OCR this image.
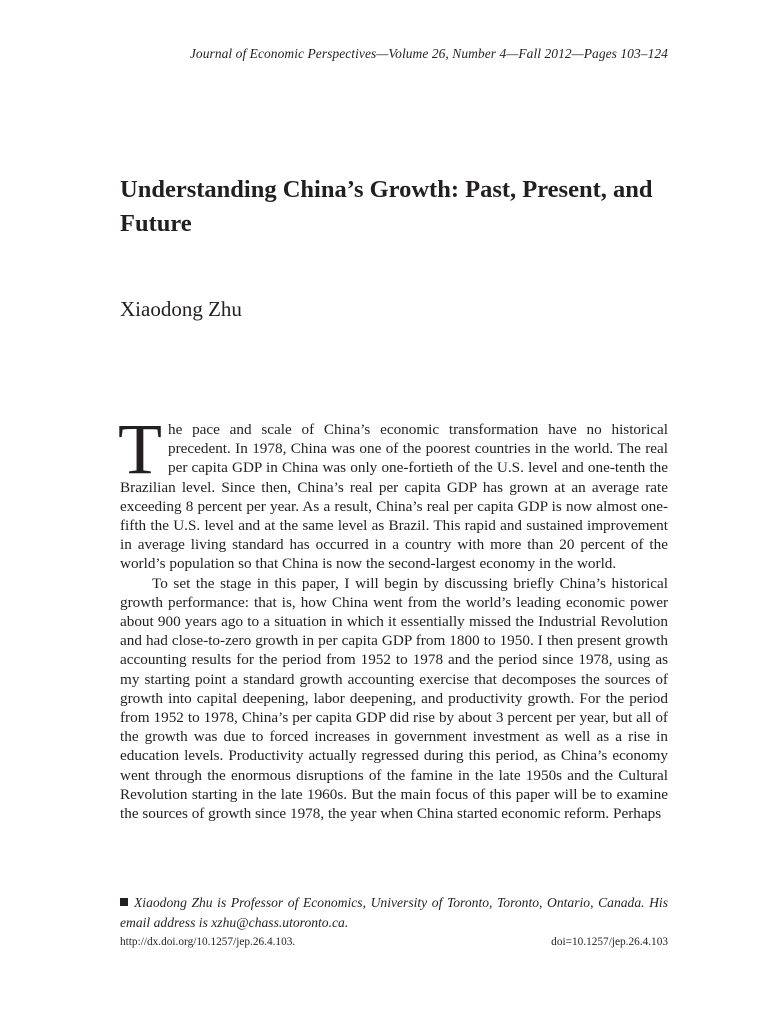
Journal of Economic Perspectives—Volume 26, Number 4—Fall 2012—Pages 103–124
Understanding China’s Growth: Past, Present, and Future

Xiaodong Zhu

The pace and scale of China’s economic transformation have no historical precedent. In 1978, China was one of the poorest countries in the world. The real per capita GDP in China was only one-fortieth of the U.S. level and one-tenth the Brazilian level. Since then, China’s real per capita GDP has grown at an average rate exceeding 8 percent per year. As a result, China’s real per capita GDP is now almost one-fifth the U.S. level and at the same level as Brazil. This rapid and sustained improvement in average living standard has occurred in a country with more than 20 percent of the world’s population so that China is now the second-largest economy in the world.

To set the stage in this paper, I will begin by discussing briefly China’s historical growth performance: that is, how China went from the world’s leading economic power about 900 years ago to a situation in which it essentially missed the Industrial Revolution and had close-to-zero growth in per capita GDP from 1800 to 1950. I then present growth accounting results for the period from 1952 to 1978 and the period since 1978, using as my starting point a standard growth accounting exercise that decomposes the sources of growth into capital deepening, labor deepening, and productivity growth. For the period from 1952 to 1978, China’s per capita GDP did rise by about 3 percent per year, but all of the growth was due to forced increases in government investment as well as a rise in education levels. Productivity actually regressed during this period, as China’s economy went through the enormous disruptions of the famine in the late 1950s and the Cultural Revolution starting in the late 1960s. But the main focus of this paper will be to examine the sources of growth since 1978, the year when China started economic reform. Perhaps

Xiaodong Zhu is Professor of Economics, University of Toronto, Toronto, Ontario, Canada. His email address is xzhu@chass.utoronto.ca.
http://dx.doi.org/10.1257/jep.26.4.103.	doi=10.1257/jep.26.4.103
